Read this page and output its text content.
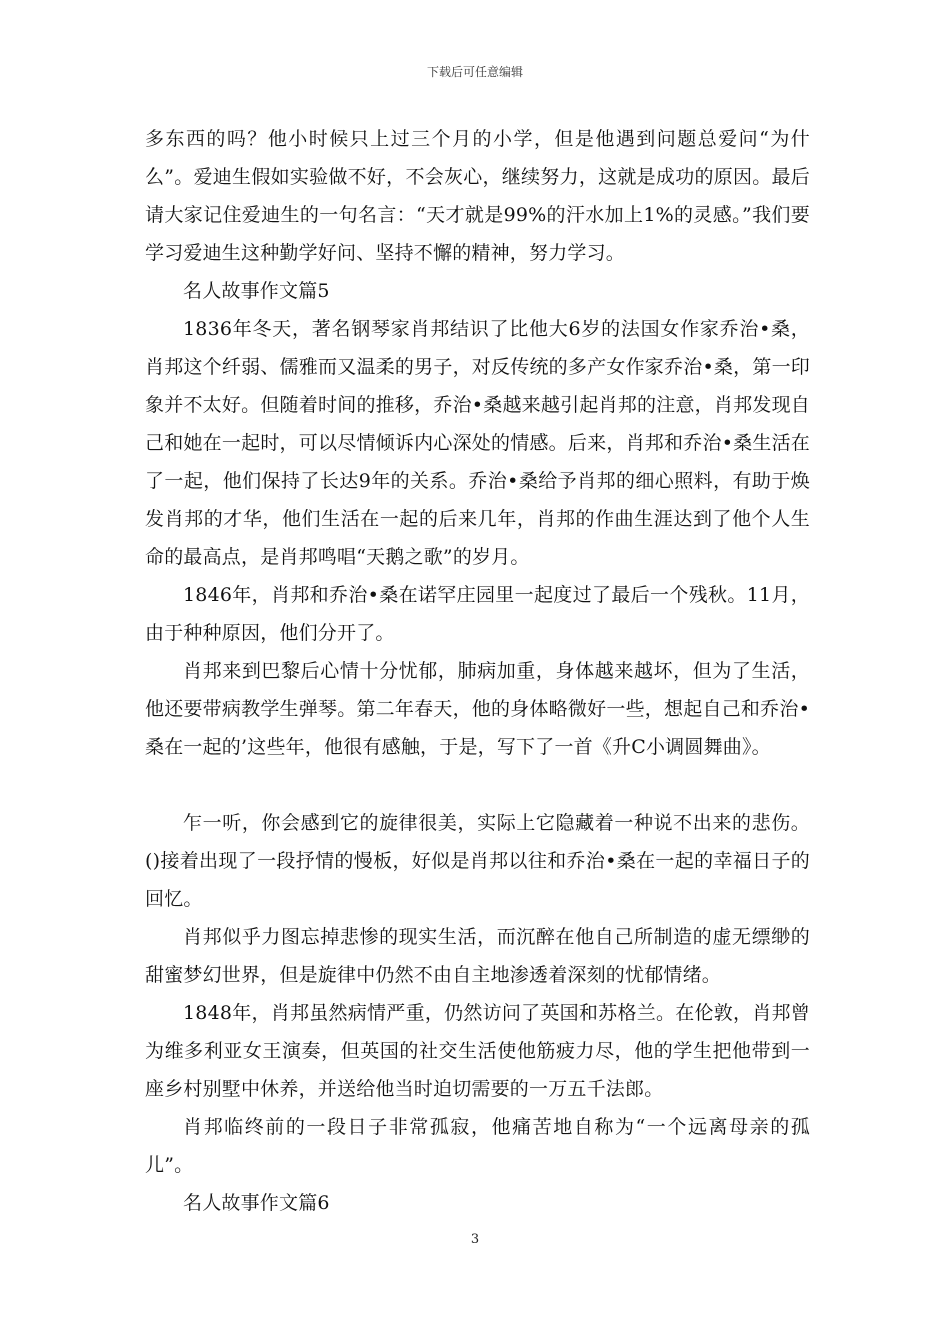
下载后可任意编辑

多东西的吗？他小时候只上过三个月的小学，但是他遇到问题总爱问“为什么”。爱迪生假如实验做不好，不会灰心，继续努力，这就是成功的原因。最后请大家记住爱迪生的一句名言：“天才就是99%的汗水加上1%的灵感。”我们要学习爱迪生这种勤学好问、坚持不懈的精神，努力学习。

名人故事作文篇5

1836年冬天，著名钢琴家肖邦结识了比他大6岁的法国女作家乔治•桑，肖邦这个纤弱、儒雅而又温柔的男子，对反传统的多产女作家乔治•桑，第一印象并不太好。但随着时间的推移，乔治•桑越来越引起肖邦的注意，肖邦发现自己和她在一起时，可以尽情倾诉内心深处的情感。后来，肖邦和乔治•桑生活在了一起，他们保持了长达9年的关系。乔治•桑给予肖邦的细心照料，有助于焕发肖邦的才华，他们生活在一起的后来几年，肖邦的作曲生涯达到了他个人生命的最高点，是肖邦鸣唱“天鹅之歌”的岁月。

1846年，肖邦和乔治•桑在诺罕庄园里一起度过了最后一个残秋。11月，由于种种原因，他们分开了。

肖邦来到巴黎后心情十分忧郁，肺病加重，身体越来越坏，但为了生活，他还要带病教学生弹琴。第二年春天，他的身体略微好一些，想起自己和乔治•桑在一起的’这些年，他很有感触，于是，写下了一首《升C小调圆舞曲》。

乍一听，你会感到它的旋律很美，实际上它隐藏着一种说不出来的悲伤。()接着出现了一段抒情的慢板，好似是肖邦以往和乔治•桑在一起的幸福日子的回忆。

肖邦似乎力图忘掉悲惨的现实生活，而沉醉在他自己所制造的虚无缥缈的甜蜜梦幻世界，但是旋律中仍然不由自主地渗透着深刻的忧郁情绪。

1848年，肖邦虽然病情严重，仍然访问了英国和苏格兰。在伦敦，肖邦曾为维多利亚女王演奏，但英国的社交生活使他筋疲力尽，他的学生把他带到一座乡村别墅中休养，并送给他当时迫切需要的一万五千法郎。

肖邦临终前的一段日子非常孤寂，他痛苦地自称为“一个远离母亲的孤儿”。

名人故事作文篇6

3
